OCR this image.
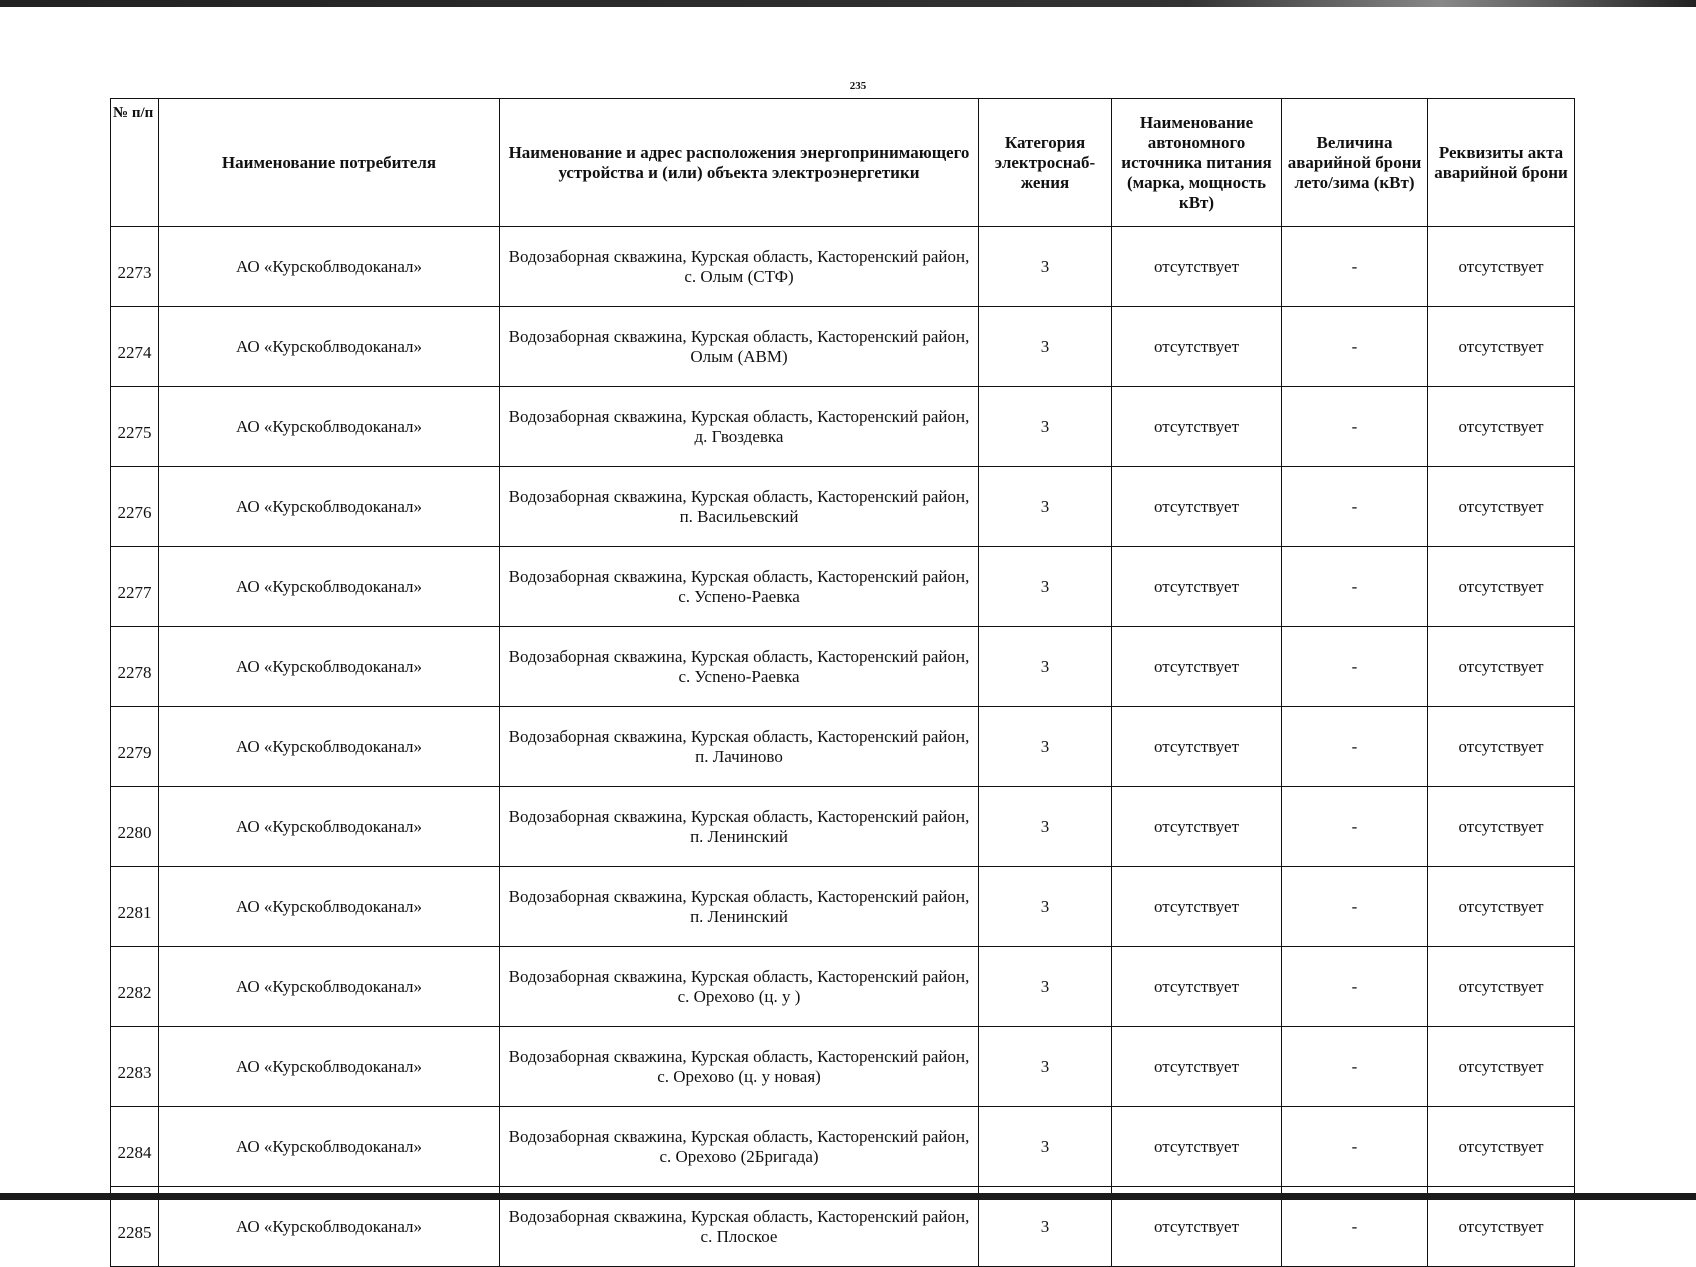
235
№ п/п	Наименование потребителя	Наименование и адрес расположения энергопринимающего устройства и (или) объекта электроэнергетики	Категория электроснаб-жения	Наименование автономного источника питания (марка, мощность кВт)	Величина аварийной брони лето/зима (кВт)	Реквизиты акта аварийной брони
2273	АО «Курскоблводоканал»	Водозаборная скважина, Курская область, Касторенский район, с. Олым (СТФ)	3	отсутствует	-	отсутствует
2274	АО «Курскоблводоканал»	Водозаборная скважина, Курская область, Касторенский район, Олым (АВМ)	3	отсутствует	-	отсутствует
2275	АО «Курскоблводоканал»	Водозаборная скважина, Курская область, Касторенский район, д. Гвоздевка	3	отсутствует	-	отсутствует
2276	АО «Курскоблводоканал»	Водозаборная скважина, Курская область, Касторенский район, п. Васильевский	3	отсутствует	-	отсутствует
2277	АО «Курскоблводоканал»	Водозаборная скважина, Курская область, Касторенский район, с. Успено-Раевка	3	отсутствует	-	отсутствует
2278	АО «Курскоблводоканал»	Водозаборная скважина, Курская область, Касторенский район, с. Усnено-Раевка	3	отсутствует	-	отсутствует
2279	АО «Курскоблводоканал»	Водозаборная скважина, Курская область, Касторенский район, п. Лачиново	3	отсутствует	-	отсутствует
2280	АО «Курскоблводоканал»	Водозаборная скважина, Курская область, Касторенский район, п. Ленинский	3	отсутствует	-	отсутствует
2281	АО «Курскоблводоканал»	Водозаборная скважина, Курская область, Касторенский район, п. Ленинский	3	отсутствует	-	отсутствует
2282	АО «Курскоблводоканал»	Водозаборная скважина, Курская область, Касторенский район, с. Орехово (ц. у )	3	отсутствует	-	отсутствует
2283	АО «Курскоблводоканал»	Водозаборная скважина, Курская область, Касторенский район, с. Орехово (ц. у новая)	3	отсутствует	-	отсутствует
2284	АО «Курскоблводоканал»	Водозаборная скважина, Курская область, Касторенский район, с. Орехово (2Бригада)	3	отсутствует	-	отсутствует
2285	АО «Курскоблводоканал»	Водозаборная скважина, Курская область, Касторенский район, с. Плоское	3	отсутствует	-	отсутствует
